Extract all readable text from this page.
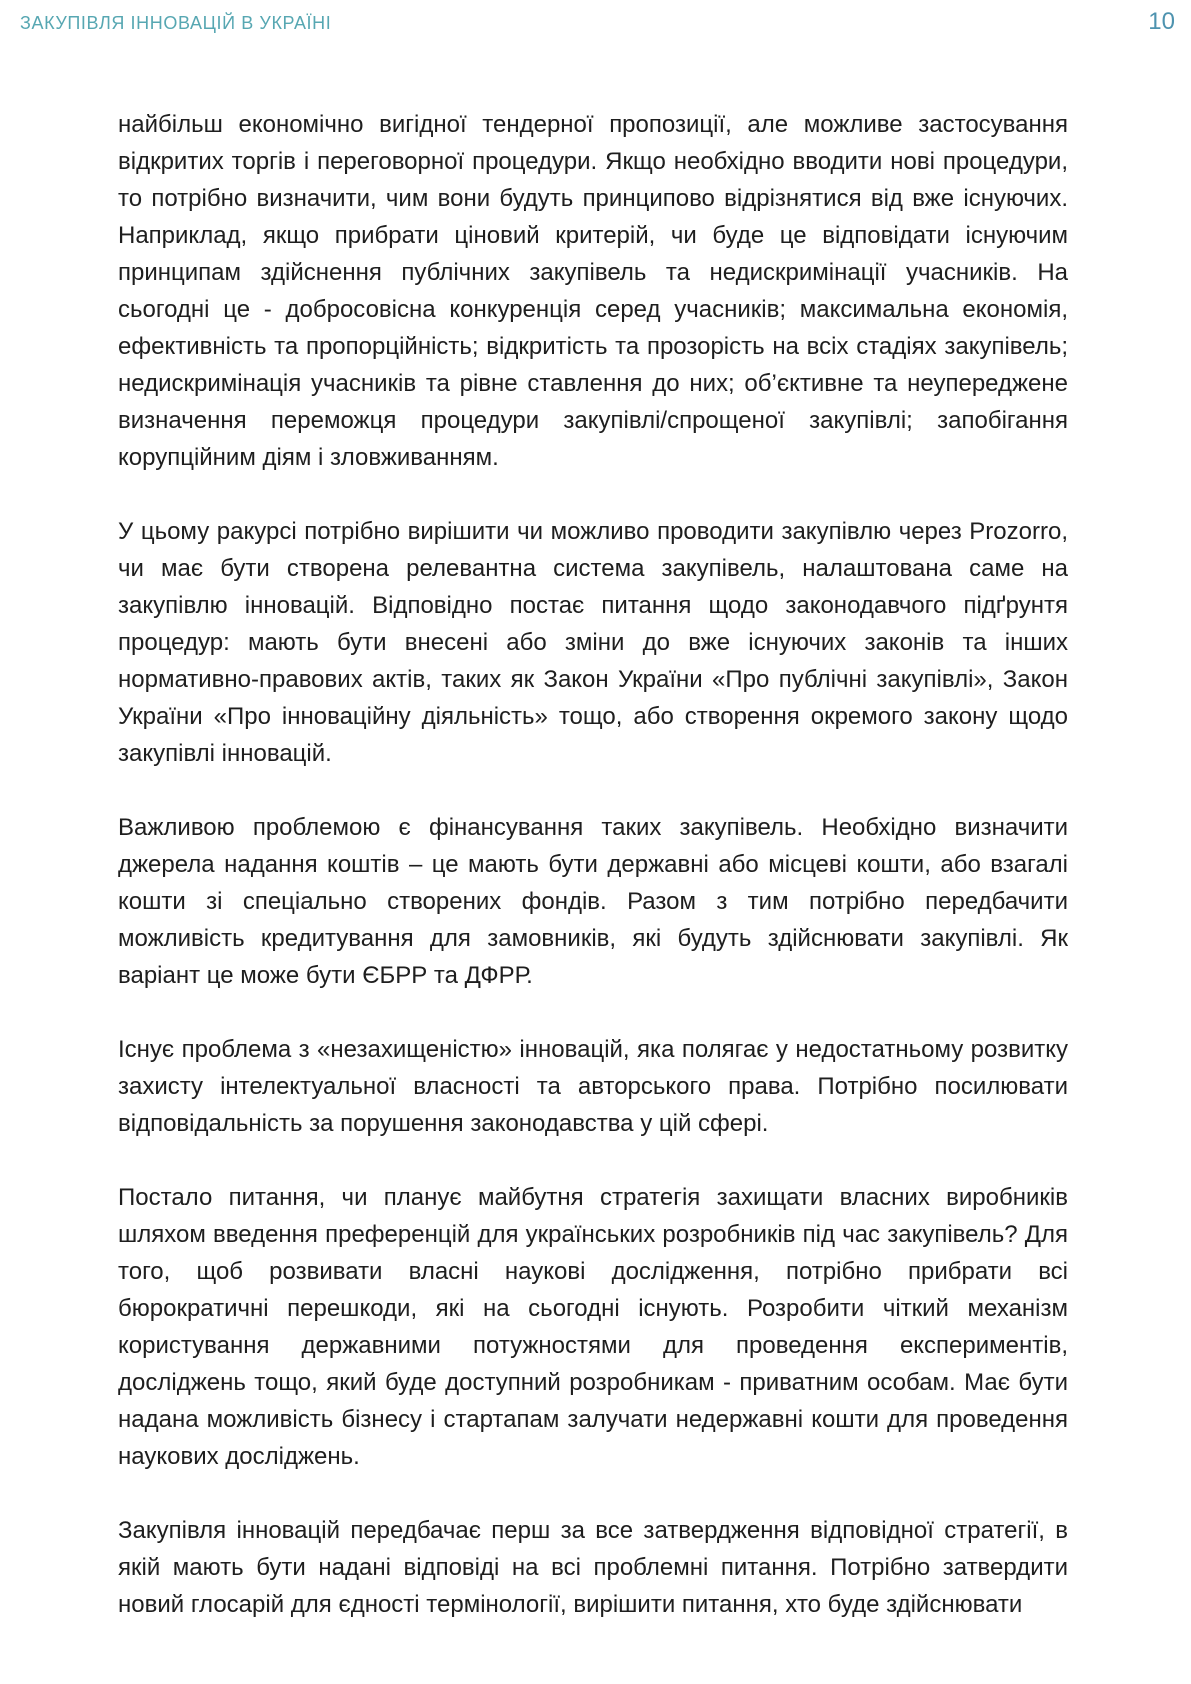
ЗАКУПІВЛЯ ІННОВАЦІЙ В УКРАЇНІ	10

найбільш економічно вигідної тендерної пропозиції, але можливе застосування відкритих торгів і переговорної процедури. Якщо необхідно вводити нові процедури, то потрібно визначити, чим вони будуть принципово відрізнятися від вже існуючих. Наприклад, якщо прибрати ціновий критерій, чи буде це відповідати існуючим принципам здійснення публічних закупівель та недискримінації учасників. На сьогодні це - добросовісна конкуренція серед учасників; максимальна економія, ефективність та пропорційність; відкритість та прозорість на всіх стадіях закупівель; недискримінація учасників та рівне ставлення до них; об’єктивне та неупереджене визначення переможця процедури закупівлі/спрощеної закупівлі; запобігання корупційним діям і зловживанням.

У цьому ракурсі потрібно вирішити чи можливо проводити закупівлю через Prozorro, чи має бути створена релевантна система закупівель, налаштована саме на закупівлю інновацій. Відповідно постає питання щодо законодавчого підґрунтя процедур: мають бути внесені або зміни до вже існуючих законів та інших нормативно-правових актів, таких як Закон України «Про публічні закупівлі», Закон України «Про інноваційну діяльність» тощо, або створення окремого закону щодо закупівлі інновацій.

Важливою проблемою є фінансування таких закупівель. Необхідно визначити джерела надання коштів – це мають бути державні або місцеві кошти, або взагалі кошти зі спеціально створених фондів. Разом з тим потрібно передбачити можливість кредитування для замовників, які будуть здійснювати закупівлі. Як варіант це може бути ЄБРР та ДФРР.

Існує проблема з «незахищеністю» інновацій, яка полягає у недостатньому розвитку захисту інтелектуальної власності та авторського права. Потрібно посилювати відповідальність за порушення законодавства у цій сфері.

Постало питання, чи планує майбутня стратегія захищати власних виробників шляхом введення преференцій для українських розробників під час закупівель? Для того, щоб розвивати власні наукові дослідження, потрібно прибрати всі бюрократичні перешкоди, які на сьогодні існують. Розробити чіткий механізм користування державними потужностями для проведення експериментів, досліджень тощо, який буде доступний розробникам - приватним особам. Має бути надана можливість бізнесу і стартапам залучати недержавні кошти для проведення наукових досліджень.

Закупівля інновацій передбачає перш за все затвердження відповідної стратегії, в якій мають бути надані відповіді на всі проблемні питання. Потрібно затвердити новий глосарій для єдності термінології, вирішити питання, хто буде здійснювати
